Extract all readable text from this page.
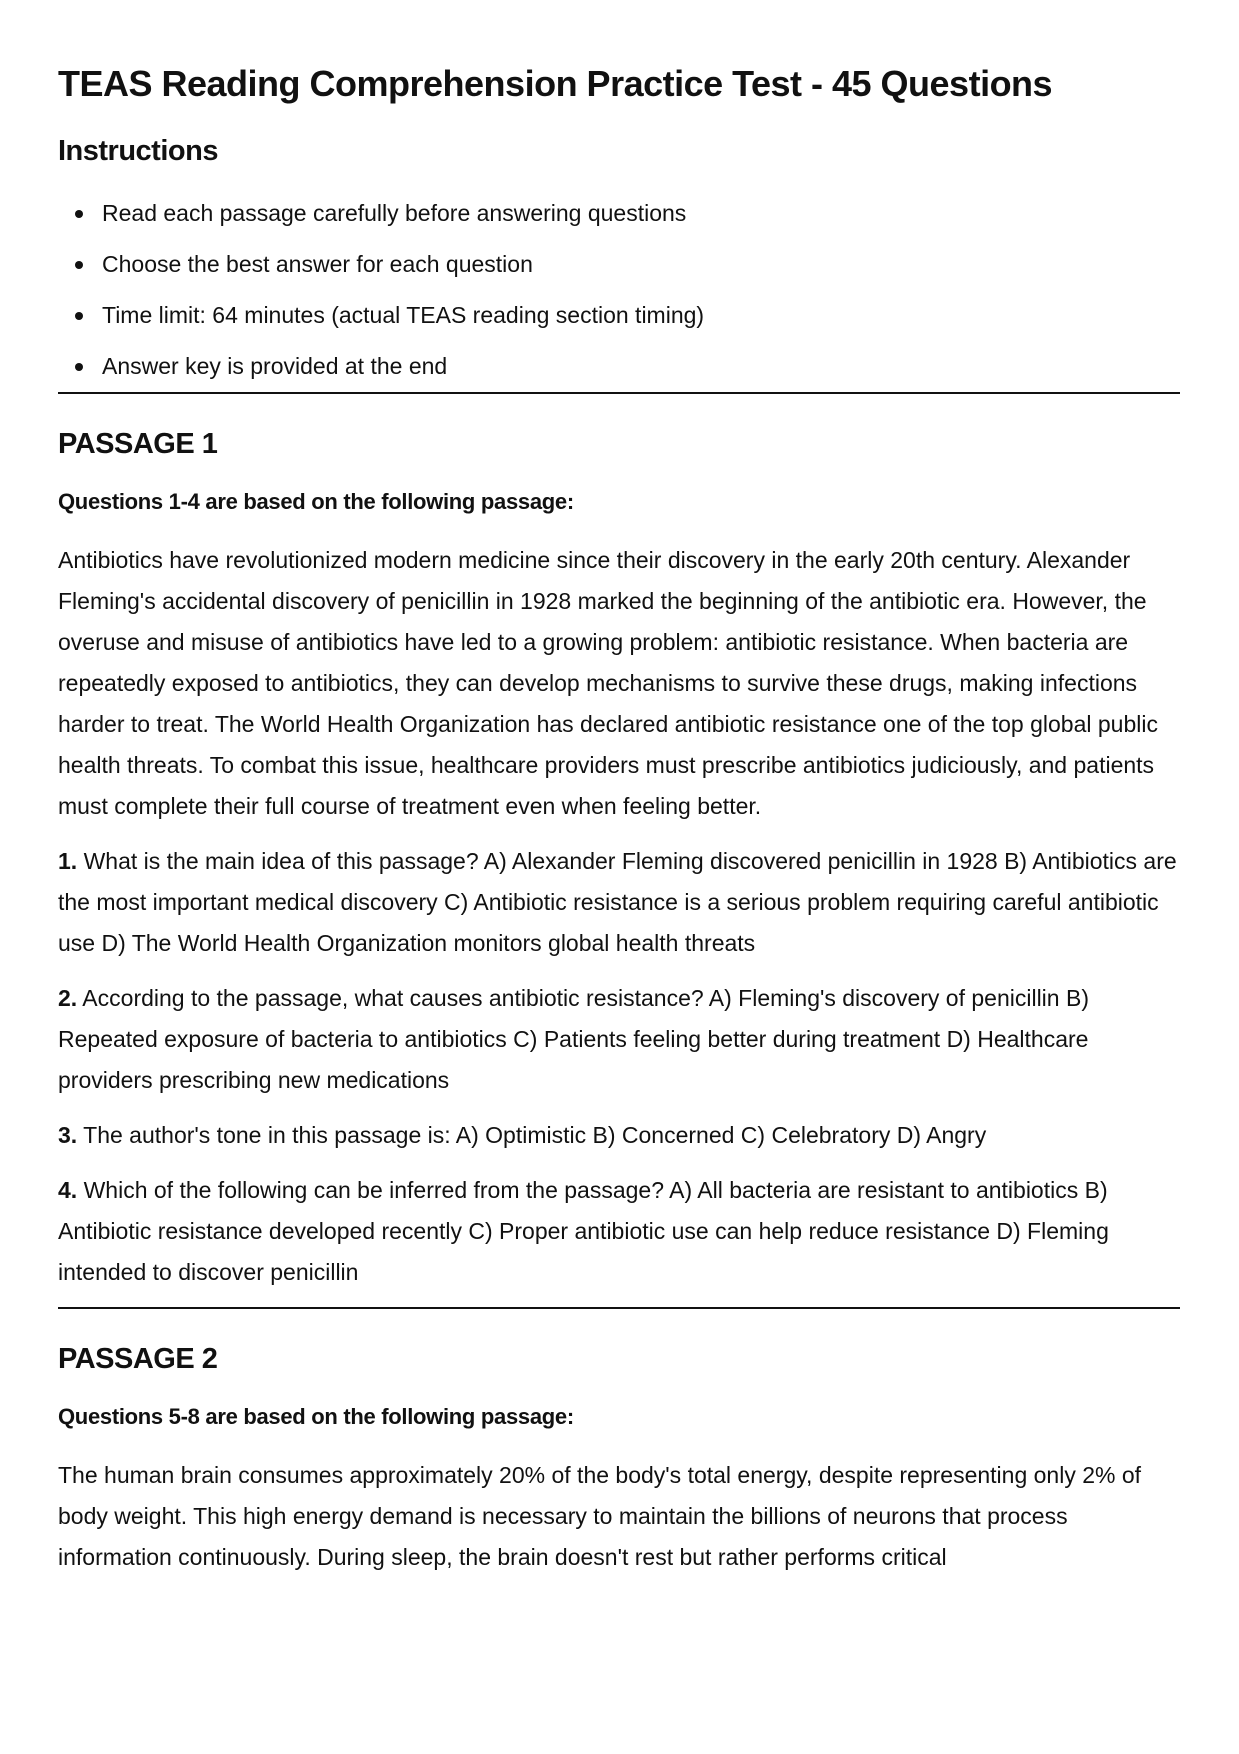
TEAS Reading Comprehension Practice Test - 45 Questions
Instructions
Read each passage carefully before answering questions
Choose the best answer for each question
Time limit: 64 minutes (actual TEAS reading section timing)
Answer key is provided at the end
PASSAGE 1

Questions 1-4 are based on the following passage:

Antibiotics have revolutionized modern medicine since their discovery in the early 20th century. Alexander Fleming's accidental discovery of penicillin in 1928 marked the beginning of the antibiotic era. However, the overuse and misuse of antibiotics have led to a growing problem: antibiotic resistance. When bacteria are repeatedly exposed to antibiotics, they can develop mechanisms to survive these drugs, making infections harder to treat. The World Health Organization has declared antibiotic resistance one of the top global public health threats. To combat this issue, healthcare providers must prescribe antibiotics judiciously, and patients must complete their full course of treatment even when feeling better.

1. What is the main idea of this passage? A) Alexander Fleming discovered penicillin in 1928 B) Antibiotics are the most important medical discovery C) Antibiotic resistance is a serious problem requiring careful antibiotic use D) The World Health Organization monitors global health threats

2. According to the passage, what causes antibiotic resistance? A) Fleming's discovery of penicillin B) Repeated exposure of bacteria to antibiotics C) Patients feeling better during treatment D) Healthcare providers prescribing new medications

3. The author's tone in this passage is: A) Optimistic B) Concerned C) Celebratory D) Angry

4. Which of the following can be inferred from the passage? A) All bacteria are resistant to antibiotics B) Antibiotic resistance developed recently C) Proper antibiotic use can help reduce resistance D) Fleming intended to discover penicillin

PASSAGE 2

Questions 5-8 are based on the following passage:

The human brain consumes approximately 20% of the body's total energy, despite representing only 2% of body weight. This high energy demand is necessary to maintain the billions of neurons that process information continuously. During sleep, the brain doesn't rest but rather performs critical
